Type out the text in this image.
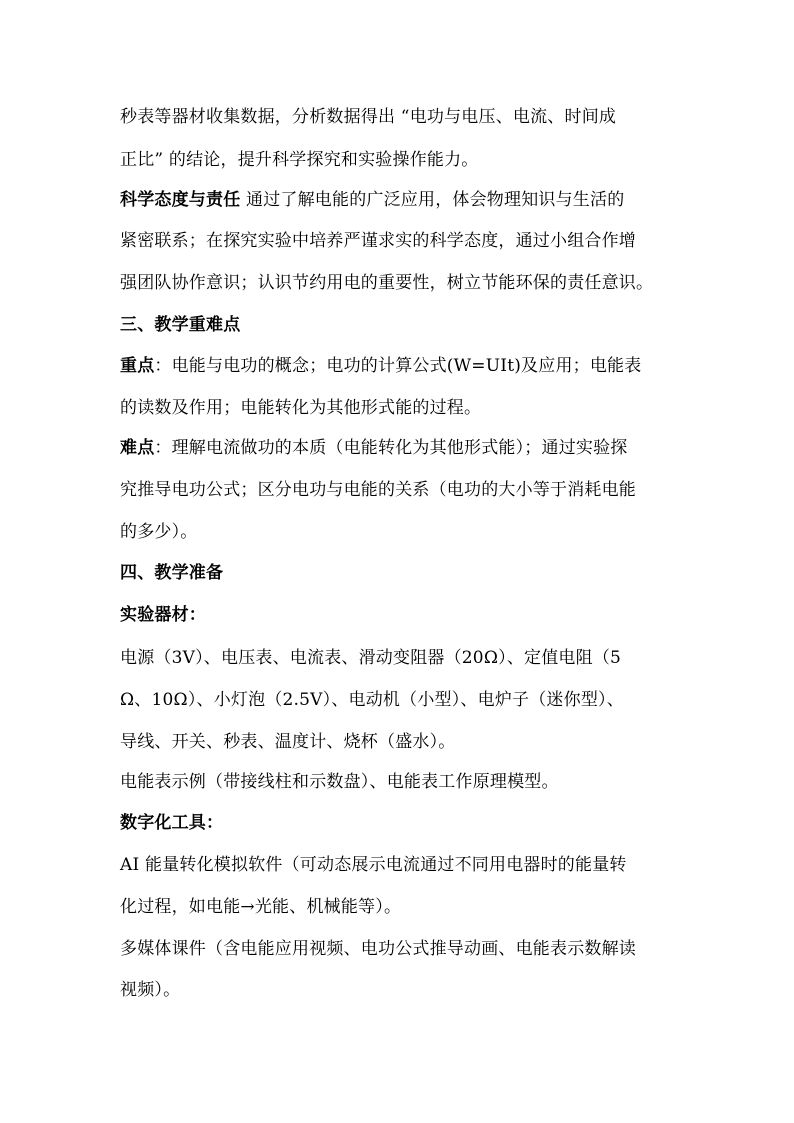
秒表等器材收集数据，分析数据得出 “电功与电压、电流、时间成
正比” 的结论，提升科学探究和实验操作能力。
科学态度与责任 通过了解电能的广泛应用，体会物理知识与生活的
紧密联系；在探究实验中培养严谨求实的科学态度，通过小组合作增
强团队协作意识；认识节约用电的重要性，树立节能环保的责任意识。
三、教学重难点
重点：电能与电功的概念；电功的计算公式(W=UIt)及应用；电能表
的读数及作用；电能转化为其他形式能的过程。
难点：理解电流做功的本质（电能转化为其他形式能）；通过实验探
究推导电功公式；区分电功与电能的关系（电功的大小等于消耗电能
的多少）。
四、教学准备
实验器材：
电源（3V）、电压表、电流表、滑动变阻器（20Ω）、定值电阻（5
Ω、10Ω）、小灯泡（2.5V）、电动机（小型）、电炉子（迷你型）、
导线、开关、秒表、温度计、烧杯（盛水）。
电能表示例（带接线柱和示数盘）、电能表工作原理模型。
数字化工具：
AI 能量转化模拟软件（可动态展示电流通过不同用电器时的能量转
化过程，如电能→光能、机械能等）。
多媒体课件（含电能应用视频、电功公式推导动画、电能表示数解读
视频）。
